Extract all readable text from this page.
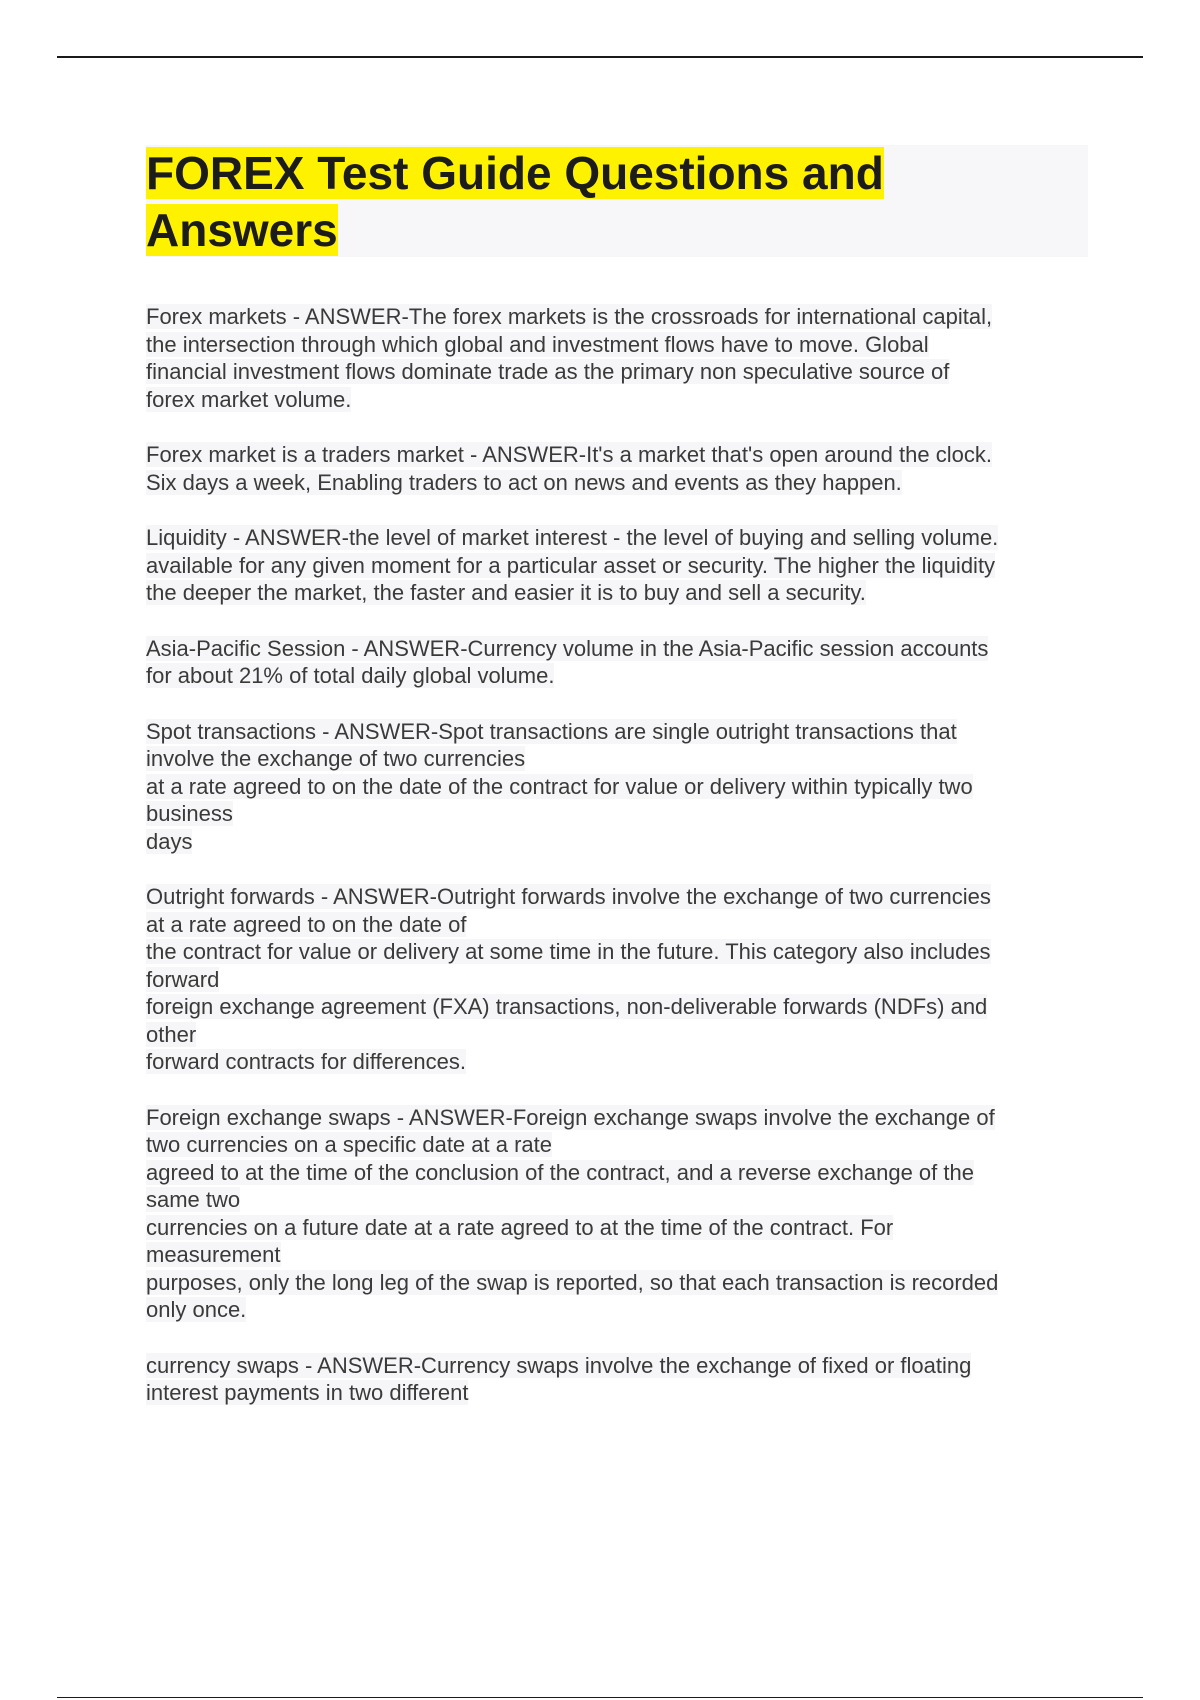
FOREX Test Guide Questions and
Answers

Forex markets - ANSWER-The forex markets is the crossroads for international capital,
the intersection through which global and investment flows have to move. Global
financial investment flows dominate trade as the primary non speculative source of
forex market volume.

Forex market is a traders market - ANSWER-It's a market that's open around the clock.
Six days a week, Enabling traders to act on news and events as they happen.

Liquidity - ANSWER-the level of market interest - the level of buying and selling volume.
available for any given moment for a particular asset or security. The higher the liquidity
the deeper the market, the faster and easier it is to buy and sell a security.

Asia-Pacific Session - ANSWER-Currency volume in the Asia-Pacific session accounts
for about 21% of total daily global volume.

Spot transactions - ANSWER-Spot transactions are single outright transactions that
involve the exchange of two currencies
at a rate agreed to on the date of the contract for value or delivery within typically two
business
days

Outright forwards - ANSWER-Outright forwards involve the exchange of two currencies
at a rate agreed to on the date of
the contract for value or delivery at some time in the future. This category also includes
forward
foreign exchange agreement (FXA) transactions, non-deliverable forwards (NDFs) and
other
forward contracts for differences.

Foreign exchange swaps - ANSWER-Foreign exchange swaps involve the exchange of
two currencies on a specific date at a rate
agreed to at the time of the conclusion of the contract, and a reverse exchange of the
same two
currencies on a future date at a rate agreed to at the time of the contract. For
measurement
purposes, only the long leg of the swap is reported, so that each transaction is recorded
only once.

currency swaps - ANSWER-Currency swaps involve the exchange of fixed or floating
interest payments in two different
